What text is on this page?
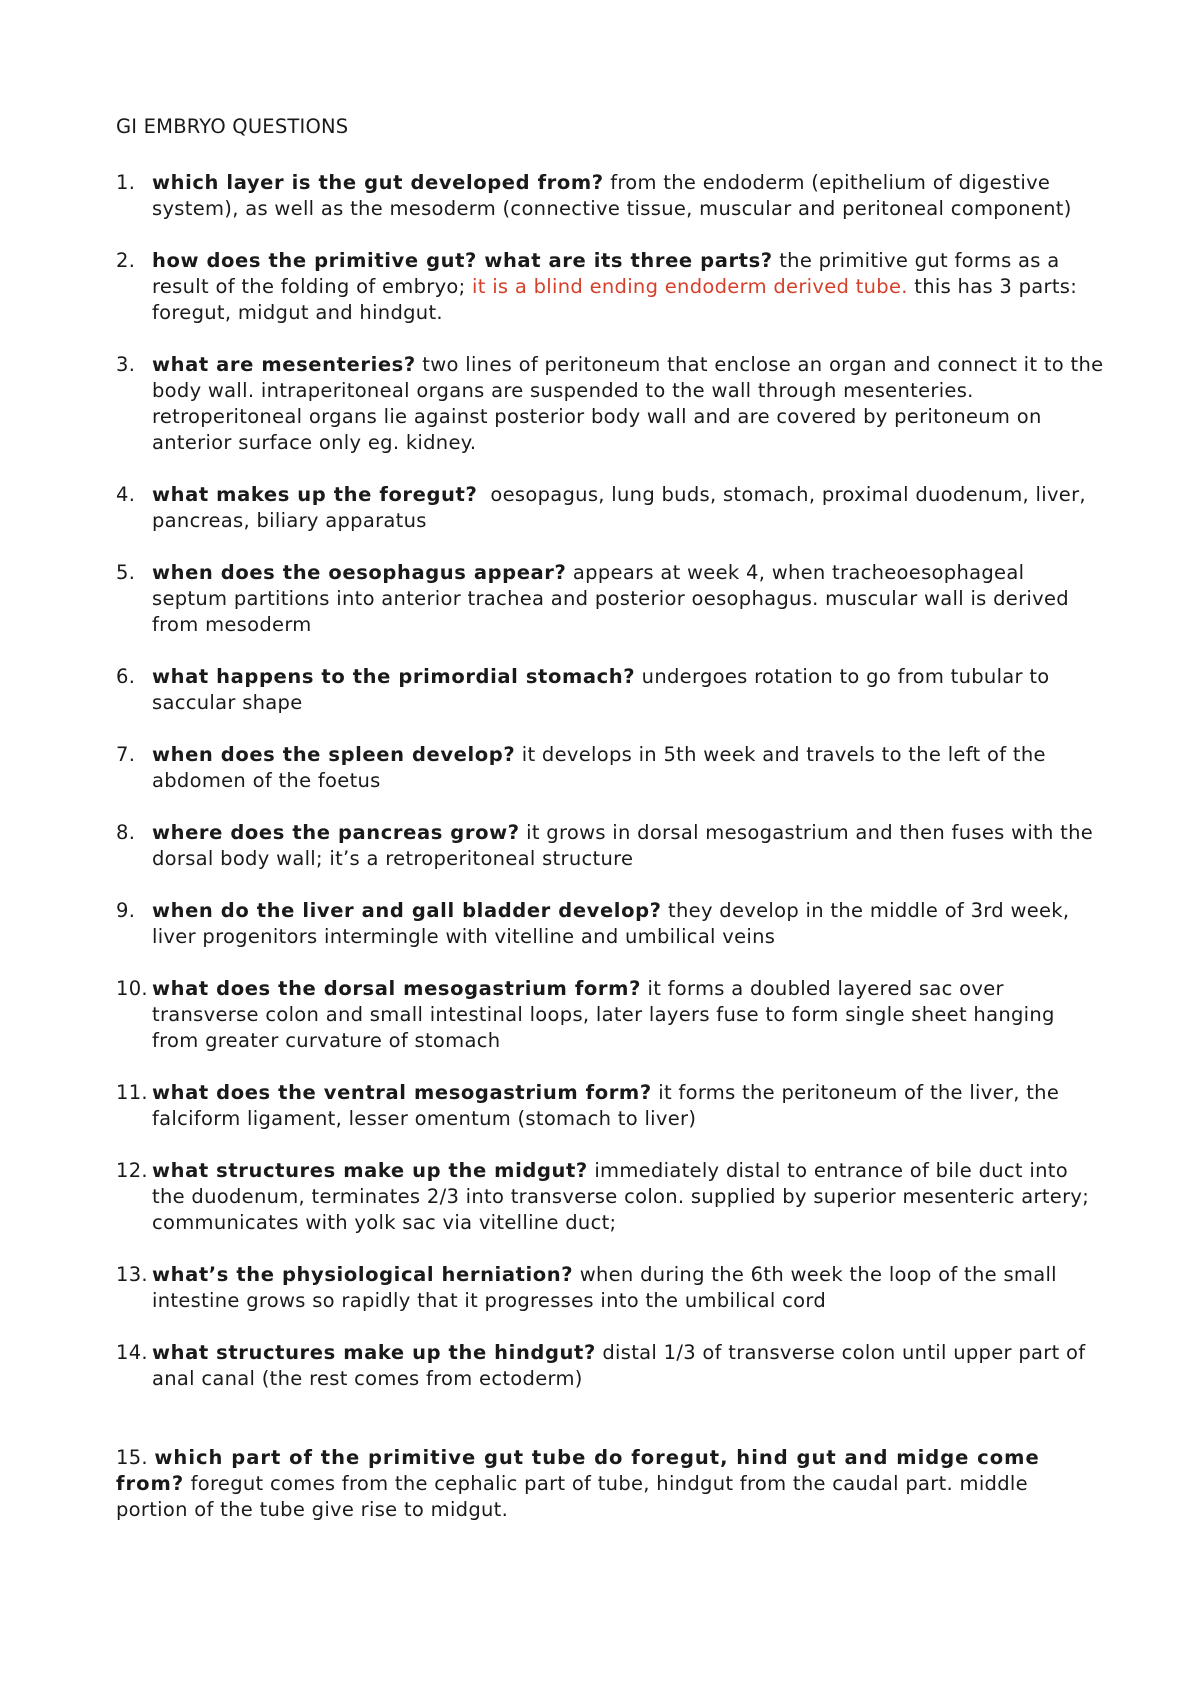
GI EMBRYO QUESTIONS
1. which layer is the gut developed from? from the endoderm (epithelium of digestive system), as well as the mesoderm (connective tissue, muscular and peritoneal component)
2. how does the primitive gut? what are its three parts? the primitive gut forms as a result of the folding of embryo; it is a blind ending endoderm derived tube. this has 3 parts: foregut, midgut and hindgut.
3. what are mesenteries? two lines of peritoneum that enclose an organ and connect it to the body wall. intraperitoneal organs are suspended to the wall through mesenteries. retroperitoneal organs lie against posterior body wall and are covered by peritoneum on anterior surface only eg. kidney.
4. what makes up the foregut?  oesopagus, lung buds, stomach, proximal duodenum, liver, pancreas, biliary apparatus
5. when does the oesophagus appear? appears at week 4, when tracheoesophageal septum partitions into anterior trachea and posterior oesophagus. muscular wall is derived from mesoderm
6. what happens to the primordial stomach? undergoes rotation to go from tubular to saccular shape
7. when does the spleen develop? it develops in 5th week and travels to the left of the abdomen of the foetus
8. where does the pancreas grow? it grows in dorsal mesogastrium and then fuses with the dorsal body wall; it’s a retroperitoneal structure
9. when do the liver and gall bladder develop? they develop in the middle of 3rd week, liver progenitors intermingle with vitelline and umbilical veins
10. what does the dorsal mesogastrium form? it forms a doubled layered sac over transverse colon and small intestinal loops, later layers fuse to form single sheet hanging from greater curvature of stomach
11. what does the ventral mesogastrium form? it forms the peritoneum of the liver, the falciform ligament, lesser omentum (stomach to liver)
12. what structures make up the midgut? immediately distal to entrance of bile duct into the duodenum, terminates 2/3 into transverse colon. supplied by superior mesenteric artery; communicates with yolk sac via vitelline duct;
13. what’s the physiological herniation? when during the 6th week the loop of the small intestine grows so rapidly that it progresses into the umbilical cord
14. what structures make up the hindgut? distal 1/3 of transverse colon until upper part of anal canal (the rest comes from ectoderm)
15. which part of the primitive gut tube do foregut, hind gut and midge come from? foregut comes from the cephalic part of tube, hindgut from the caudal part. middle portion of the tube give rise to midgut.
